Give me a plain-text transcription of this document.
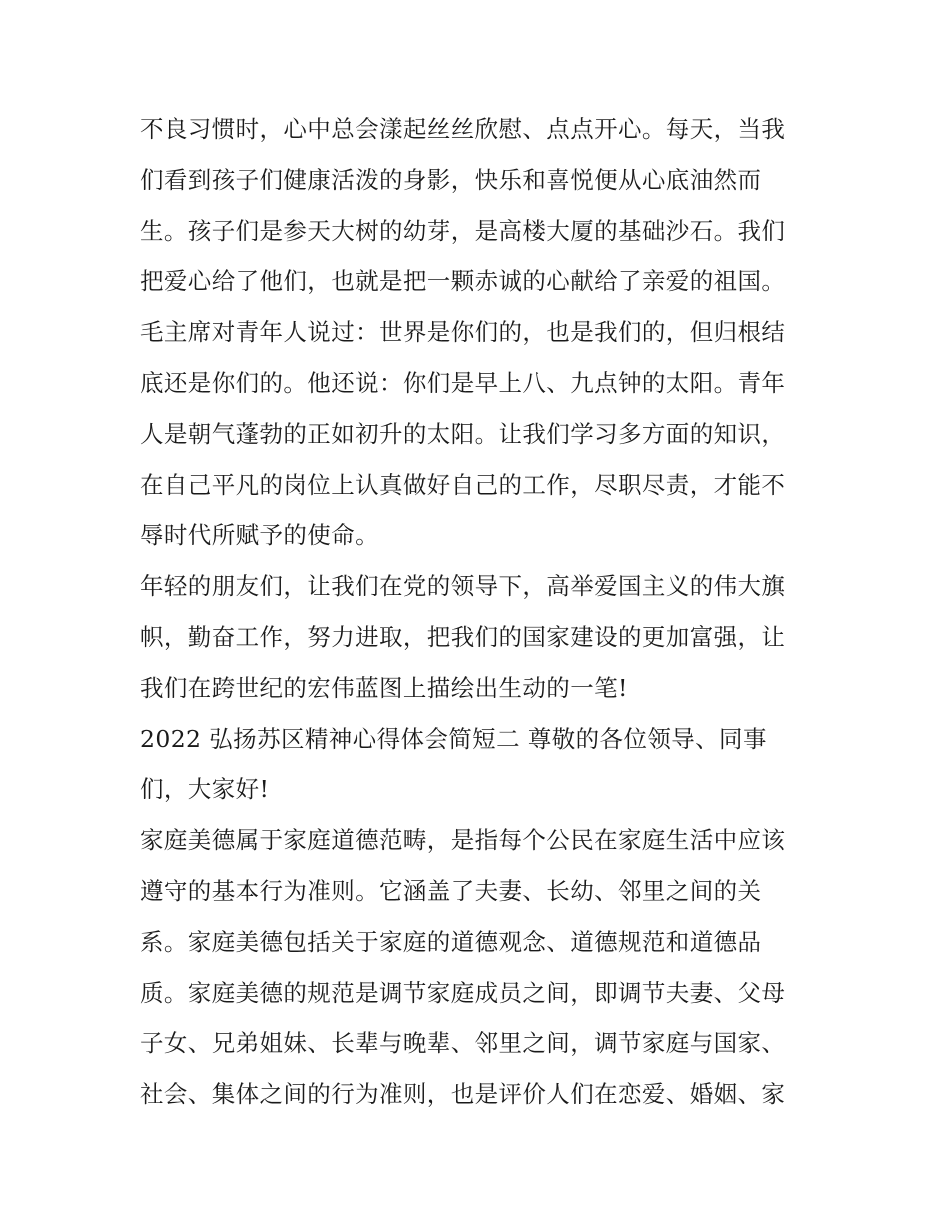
不良习惯时，心中总会漾起丝丝欣慰、点点开心。每天，当我
们看到孩子们健康活泼的身影，快乐和喜悦便从心底油然而
生。孩子们是参天大树的幼芽，是高楼大厦的基础沙石。我们
把爱心给了他们，也就是把一颗赤诚的心献给了亲爱的祖国。
毛主席对青年人说过：世界是你们的，也是我们的，但归根结
底还是你们的。他还说：你们是早上八、九点钟的太阳。青年
人是朝气蓬勃的正如初升的太阳。让我们学习多方面的知识，
在自己平凡的岗位上认真做好自己的工作，尽职尽责，才能不
辱时代所赋予的使命。
年轻的朋友们，让我们在党的领导下，高举爱国主义的伟大旗
帜，勤奋工作，努力进取，把我们的国家建设的更加富强，让
我们在跨世纪的宏伟蓝图上描绘出生动的一笔!
2022 弘扬苏区精神心得体会简短二 尊敬的各位领导、同事
们，大家好!
家庭美德属于家庭道德范畴，是指每个公民在家庭生活中应该
遵守的基本行为准则。它涵盖了夫妻、长幼、邻里之间的关
系。家庭美德包括关于家庭的道德观念、道德规范和道德品
质。家庭美德的规范是调节家庭成员之间，即调节夫妻、父母
子女、兄弟姐妹、长辈与晚辈、邻里之间，调节家庭与国家、
社会、集体之间的行为准则，也是评价人们在恋爱、婚姻、家
